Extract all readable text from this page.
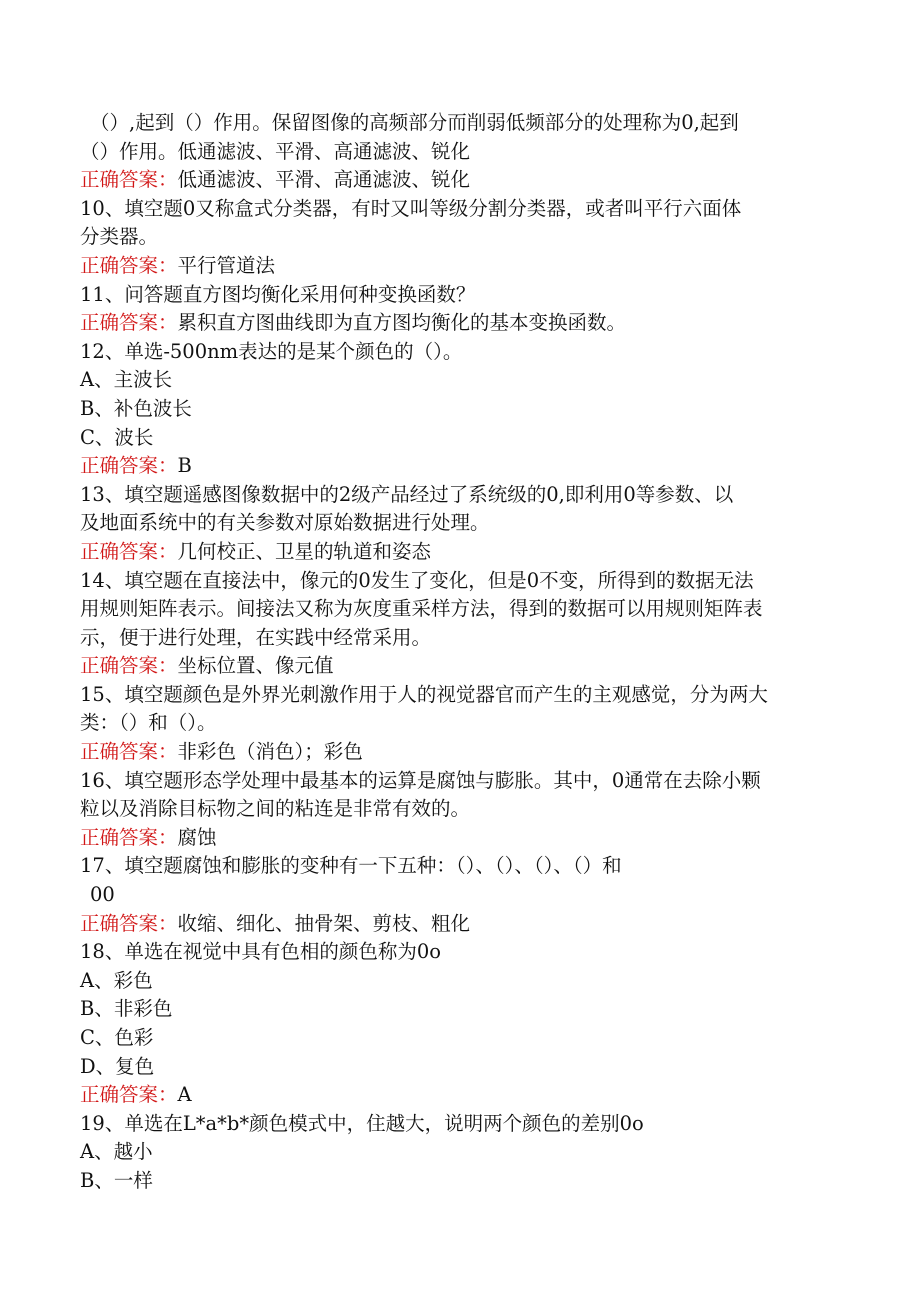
（）,起到（）作用。保留图像的高频部分而削弱低频部分的处理称为0,起到
（）作用。低通滤波、平滑、高通滤波、锐化
正确答案：低通滤波、平滑、高通滤波、锐化
10、填空题0又称盒式分类器，有时又叫等级分割分类器，或者叫平行六面体
分类器。
正确答案：平行管道法
11、问答题直方图均衡化采用何种变换函数？
正确答案：累积直方图曲线即为直方图均衡化的基本变换函数。
12、单选-500nm表达的是某个颜色的（）。
A、主波长
B、补色波长
C、波长
正确答案：B
13、填空题遥感图像数据中的2级产品经过了系统级的0,即利用0等参数、以
及地面系统中的有关参数对原始数据进行处理。
正确答案：几何校正、卫星的轨道和姿态
14、填空题在直接法中，像元的0发生了变化，但是0不变，所得到的数据无法
用规则矩阵表示。间接法又称为灰度重采样方法，得到的数据可以用规则矩阵表
示，便于进行处理，在实践中经常采用。
正确答案：坐标位置、像元值
15、填空题颜色是外界光刺激作用于人的视觉器官而产生的主观感觉，分为两大
类：（）和（）。
正确答案：非彩色（消色）；彩色
16、填空题形态学处理中最基本的运算是腐蚀与膨胀。其中，0通常在去除小颗
粒以及消除目标物之间的粘连是非常有效的。
正确答案：腐蚀
17、填空题腐蚀和膨胀的变种有一下五种：（）、（）、（）、（）和
00
正确答案：收缩、细化、抽骨架、剪枝、粗化
18、单选在视觉中具有色相的颜色称为0o
A、彩色
B、非彩色
C、色彩
D、复色
正确答案：A
19、单选在L*a*b*颜色模式中，住越大，说明两个颜色的差别0o
A、越小
B、一样
